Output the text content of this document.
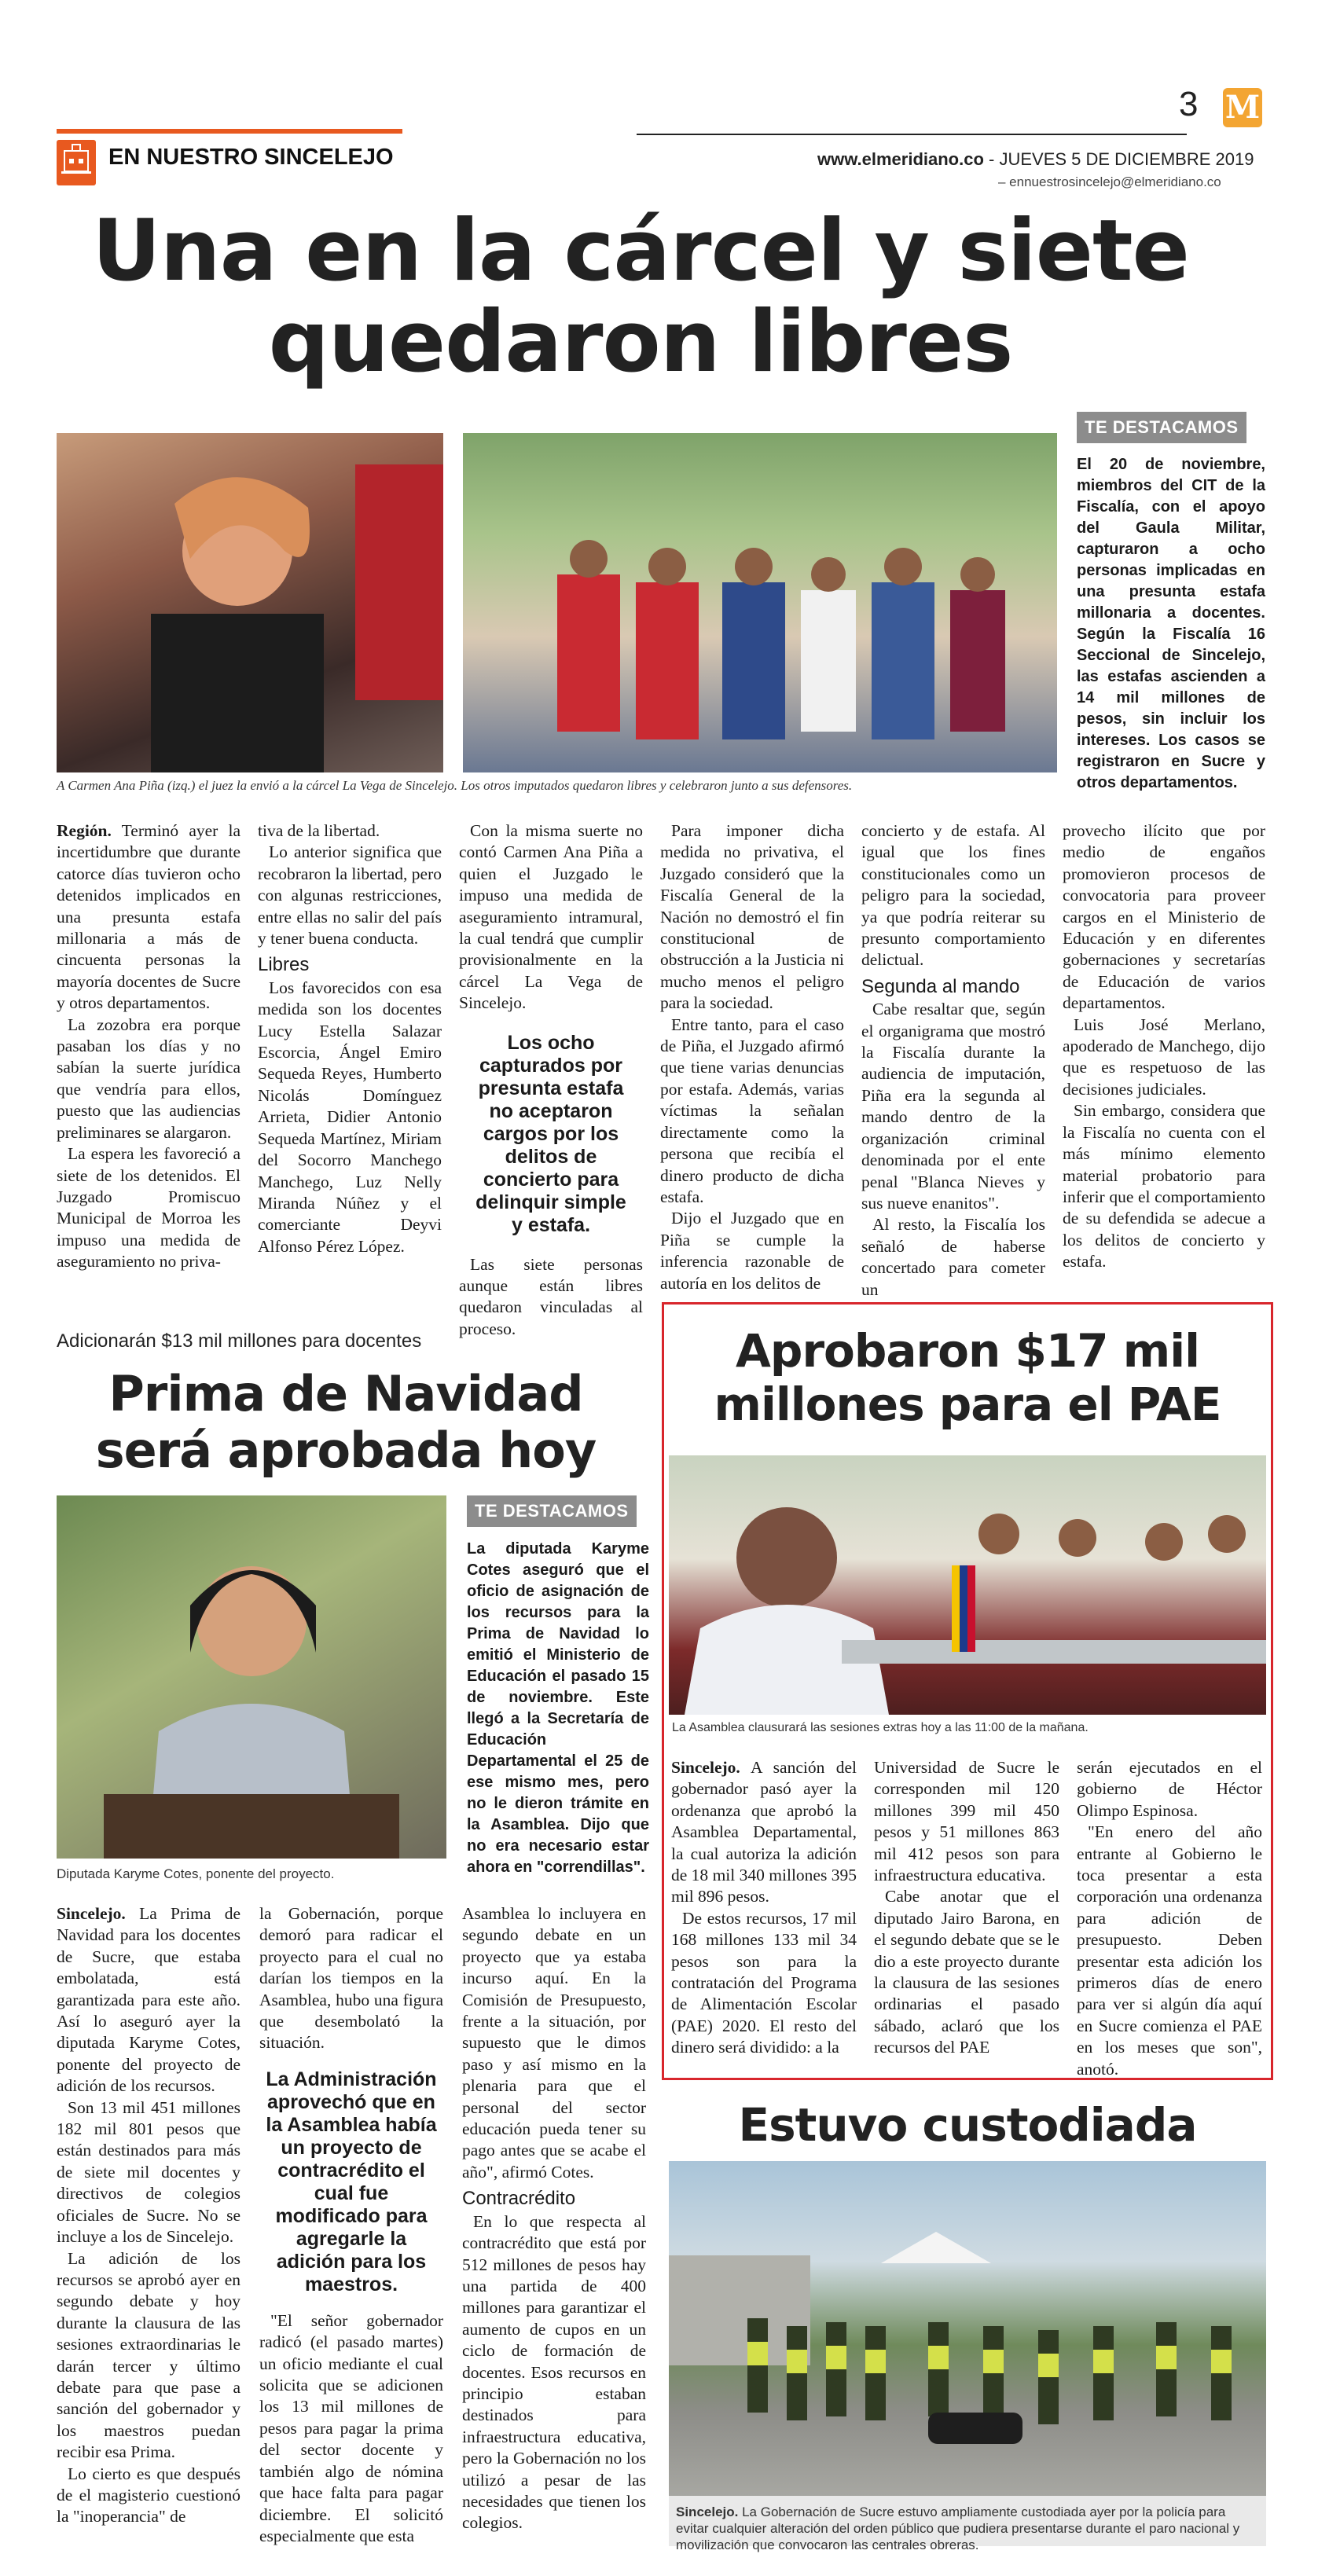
EN NUESTRO SINCELEJO
3 M
www.elmeridiano.co - JUEVES 5 DE DICIEMBRE 2019
– ennuestrosincelejo@elmeridiano.co
Una en la cárcel y siete
quedaron libres
A Carmen Ana Piña (izq.) el juez la envió a la cárcel La Vega de Sincelejo. Los otros imputados quedaron libres y celebraron junto a sus defensores.
TE DESTACAMOS
El 20 de noviembre, miembros del CIT de la Fiscalía, con el apoyo del Gaula Militar, capturaron a ocho personas implicadas en una presunta estafa millonaria a docentes. Según la Fiscalía 16 Seccional de Sincelejo, las estafas ascienden a 14 mil millones de pesos, sin incluir los intereses. Los casos se registraron en Sucre y otros departamentos.

Región. Terminó ayer la incertidumbre que durante catorce días tuvieron ocho detenidos implicados en una presunta estafa millonaria a más de cincuenta personas la mayoría docentes de Sucre y otros departamentos.

La zozobra era porque pasaban los días y no sabían la suerte jurídica que vendría para ellos, puesto que las audiencias preliminares se alargaron.

La espera les favoreció a siete de los detenidos. El Juzgado Promiscuo Municipal de Morroa les impuso una medida de aseguramiento no priva-

tiva de la libertad.

Lo anterior significa que recobraron la libertad, pero con algunas restricciones, entre ellas no salir del país y tener buena conducta.

Libres

Los favorecidos con esa medida son los docentes Lucy Estella Salazar Escorcia, Ángel Emiro Sequeda Reyes, Humberto Nicolás Domínguez Arrieta, Didier Antonio Sequeda Martínez, Miriam del Socorro Manchego Manchego, Luz Nelly Miranda Núñez y el comerciante Deyvi Alfonso Pérez López.

Con la misma suerte no contó Carmen Ana Piña a quien el Juzgado le impuso una medida de aseguramiento intramural, la cual tendrá que cumplir provisionalmente en la cárcel La Vega de Sincelejo.

Los ocho capturados por presunta estafa no aceptaron cargos por los delitos de concierto para delinquir simple y estafa.

Las siete personas aunque están libres quedaron vinculadas al proceso.

Para imponer dicha medida no privativa, el Juzgado consideró que la Fiscalía General de la Nación no demostró el fin constitucional de obstrucción a la Justicia ni mucho menos el peligro para la sociedad.

Entre tanto, para el caso de Piña, el Juzgado afirmó que tiene varias denuncias por estafa. Además, varias víctimas la señalan directamente como la persona que recibía el dinero producto de dicha estafa.

Dijo el Juzgado que en Piña se cumple la inferencia razonable de autoría en los delitos de

concierto y de estafa. Al igual que los fines constitucionales como un peligro para la sociedad, ya que podría reiterar su presunto comportamiento delictual.

Segunda al mando

Cabe resaltar que, según el organigrama que mostró la Fiscalía durante la audiencia de imputación, Piña era la segunda al mando dentro de la organización criminal denominada por el ente penal "Blanca Nieves y sus nueve enanitos".

Al resto, la Fiscalía los señaló de haberse concertado para cometer un

provecho ilícito que por medio de engaños promovieron procesos de convocatoria para proveer cargos en el Ministerio de Educación y en diferentes gobernaciones y secretarías de Educación de varios departamentos.

Luis José Merlano, apoderado de Manchego, dijo que es respetuoso de las decisiones judiciales.

Sin embargo, considera que la Fiscalía no cuenta con el más mínimo elemento material probatorio para inferir que el comportamiento de su defendida se adecue a los delitos de concierto y estafa.

Adicionarán $13 mil millones para docentes
Prima de Navidad
será aprobada hoy
Diputada Karyme Cotes, ponente del proyecto.
TE DESTACAMOS
La diputada Karyme Cotes aseguró que el oficio de asignación de los recursos para la Prima de Navidad lo emitió el Ministerio de Educación el pasado 15 de noviembre. Este llegó a la Secretaría de Educación Departamental el 25 de ese mismo mes, pero no le dieron trámite en la Asamblea. Dijo que no era necesario estar ahora en "correndillas".

Sincelejo. La Prima de Navidad para los docentes de Sucre, que estaba embolatada, está garantizada para este año. Así lo aseguró ayer la diputada Karyme Cotes, ponente del proyecto de adición de los recursos.

Son 13 mil 451 millones 182 mil 801 pesos que están destinados para más de siete mil docentes y directivos de colegios oficiales de Sucre. No se incluye a los de Sincelejo.

La adición de los recursos se aprobó ayer en segundo debate y hoy durante la clausura de las sesiones extraordinarias le darán tercer y último debate para que pase a sanción del gobernador y los maestros puedan recibir esa Prima.

Lo cierto es que después de el magisterio cuestionó la "inoperancia" de

la Gobernación, porque demoró para radicar el proyecto para el cual no darían los tiempos en la Asamblea, hubo una figura que desembolató la situación.

La Administración aprovechó que en la Asamblea había un proyecto de contracrédito el cual fue modificado para agregarle la adición para los maestros.

"El señor gobernador radicó (el pasado martes) un oficio mediante el cual solicita que se adicionen los 13 mil millones de pesos para pagar la prima del sector docente y también algo de nómina que hace falta para pagar diciembre. El solicitó especialmente que esta

Asamblea lo incluyera en segundo debate en un proyecto que ya estaba incurso aquí. En la Comisión de Presupuesto, frente a la situación, por supuesto que le dimos paso y así mismo en la plenaria para que el personal del sector educación pueda tener su pago antes que se acabe el año", afirmó Cotes.

Contracrédito

En lo que respecta al contracrédito que está por 512 millones de pesos hay una partida de 400 millones para garantizar el aumento de cupos en un ciclo de formación de docentes. Esos recursos en principio estaban destinados para infraestructura educativa, pero la Gobernación no los utilizó a pesar de las necesidades que tienen los colegios.

Aprobaron $17 mil
millones para el PAE
La Asamblea clausurará las sesiones extras hoy a las 11:00 de la mañana.

Sincelejo. A sanción del gobernador pasó ayer la ordenanza que aprobó la Asamblea Departamental, la cual autoriza la adición de 18 mil 340 millones 395 mil 896 pesos.

De estos recursos, 17 mil 168 millones 133 mil 34 pesos son para la contratación del Programa de Alimentación Escolar (PAE) 2020. El resto del dinero será dividido: a la

Universidad de Sucre le corresponden mil 120 millones 399 mil 450 pesos y 51 millones 863 mil 412 pesos son para infraestructura educativa.

Cabe anotar que el diputado Jairo Barona, en el segundo debate que se le dio a este proyecto durante la clausura de las sesiones ordinarias el pasado sábado, aclaró que los recursos del PAE

serán ejecutados en el gobierno de Héctor Olimpo Espinosa.

"En enero del año entrante al Gobierno le toca presentar a esta corporación una ordenanza para adición de presupuesto. Deben presentar esta adición los primeros días de enero para ver si algún día aquí en Sucre comienza el PAE en los meses que son", anotó.

Estuvo custodiada
Sincelejo. La Gobernación de Sucre estuvo ampliamente custodiada ayer por la policía para evitar cualquier alteración del orden público que pudiera presentarse durante el paro nacional y movilización que convocaron las centrales obreras.
